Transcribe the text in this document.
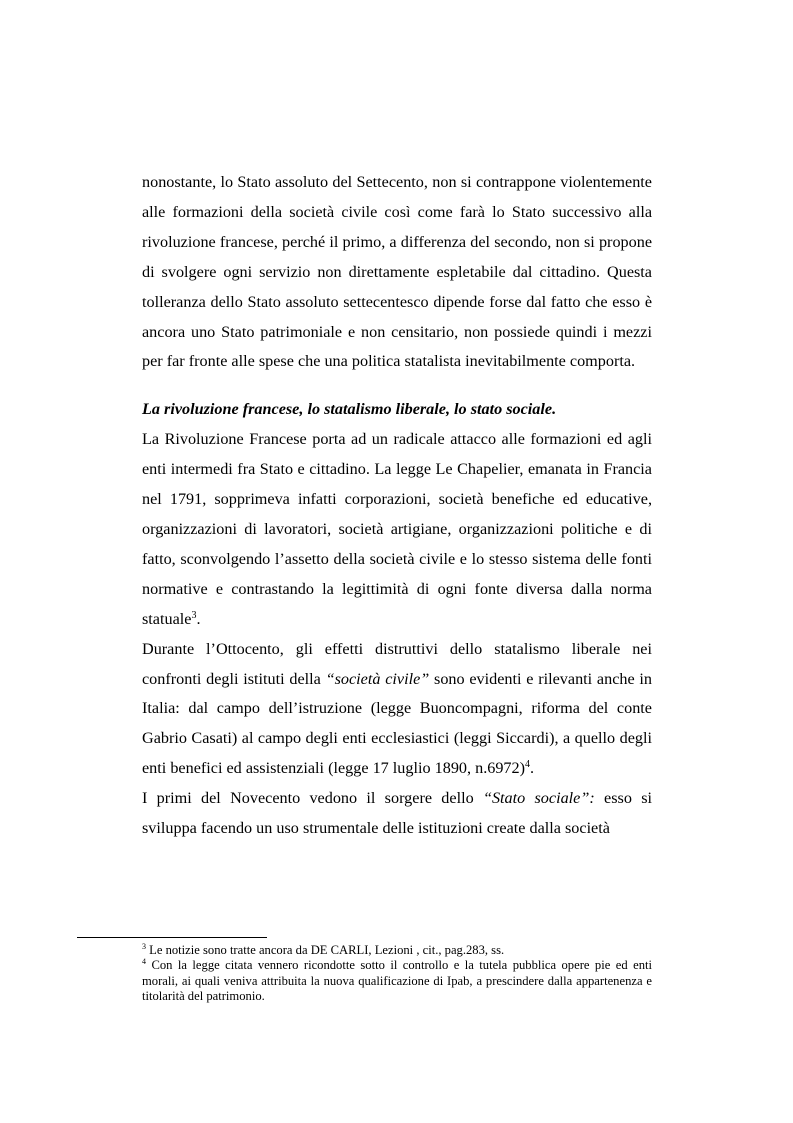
nonostante, lo Stato assoluto del Settecento, non si contrappone violentemente alle formazioni della società civile così come farà lo Stato successivo alla rivoluzione francese, perché il primo, a differenza del secondo, non si propone di svolgere ogni servizio non direttamente espletabile dal cittadino. Questa tolleranza dello Stato assoluto settecentesco dipende forse dal fatto che esso è ancora uno Stato patrimoniale e non censitario, non possiede quindi i mezzi per far fronte alle spese che una politica statalista inevitabilmente comporta.

La rivoluzione francese, lo statalismo liberale, lo stato sociale.

La Rivoluzione Francese porta ad un radicale attacco alle formazioni ed agli enti intermedi fra Stato e cittadino. La legge Le Chapelier, emanata in Francia nel 1791, sopprimeva infatti corporazioni, società benefiche ed educative, organizzazioni di lavoratori, società artigiane, organizzazioni politiche e di fatto, sconvolgendo l’assetto della società civile e lo stesso sistema delle fonti normative e contrastando la legittimità di ogni fonte diversa dalla norma statuale$^3$.

Durante l’Ottocento, gli effetti distruttivi dello statalismo liberale nei confronti degli istituti della “società civile” sono evidenti e rilevanti anche in Italia: dal campo dell’istruzione (legge Buoncompagni, riforma del conte Gabrio Casati) al campo degli enti ecclesiastici (leggi Siccardi), a quello degli enti benefici ed assistenziali (legge 17 luglio 1890, n.6972)$^4$.

I primi del Novecento vedono il sorgere dello “Stato sociale”: esso si sviluppa facendo un uso strumentale delle istituzioni create dalla società

$^3$ Le notizie sono tratte ancora da DE CARLI, Lezioni , cit., pag.283, ss.

$^4$ Con la legge citata vennero ricondotte sotto il controllo e la tutela pubblica opere pie ed enti morali, ai quali veniva attribuita la nuova qualificazione di Ipab, a prescindere dalla appartenenza e titolarità del patrimonio.
